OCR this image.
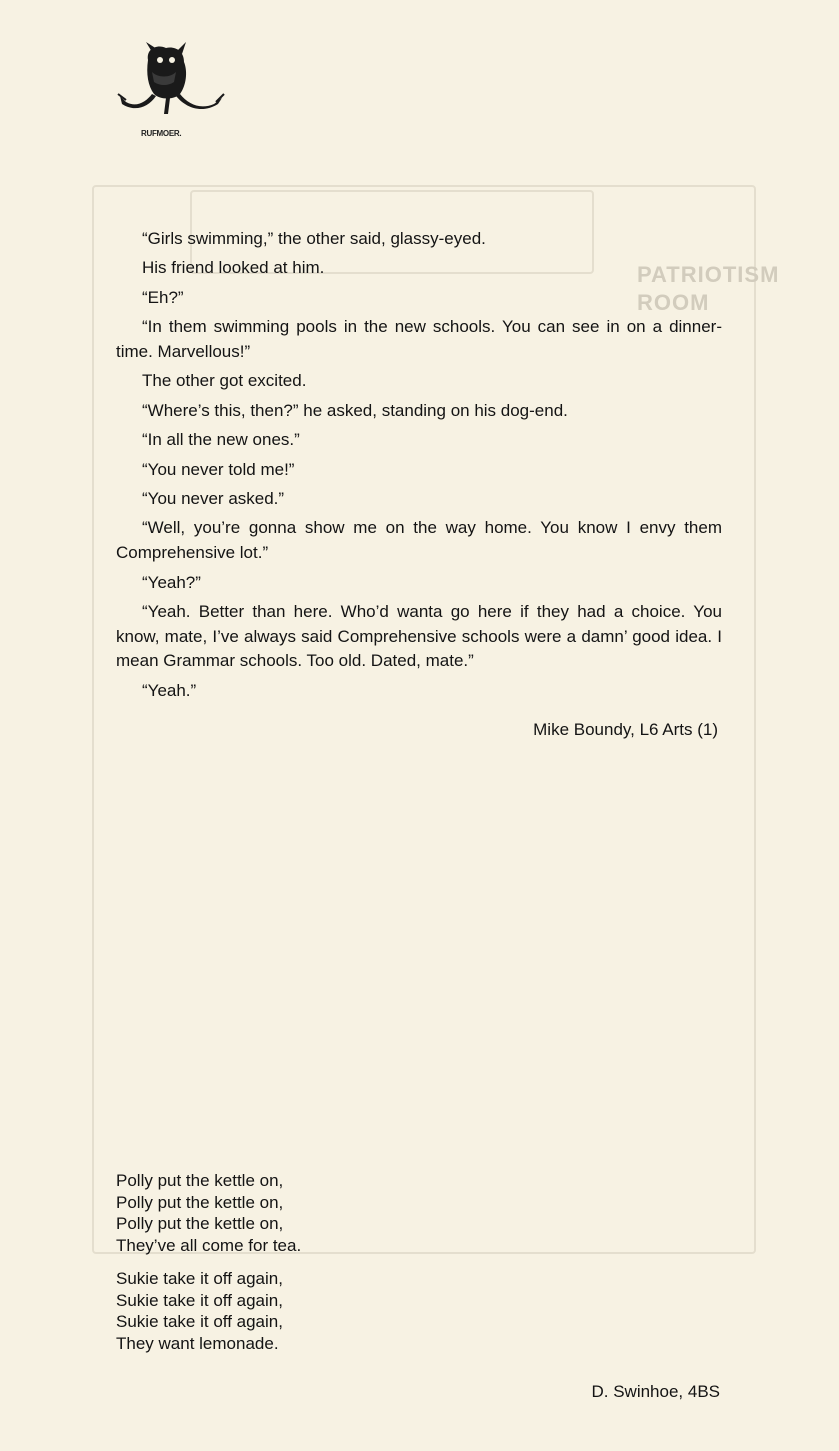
PATRIOTISM
ROOM
RUFMOER.

“Girls swimming,” the other said, glassy-eyed.

His friend looked at him.

“Eh?”

“In them swimming pools in the new schools. You can see in on a dinner-time. Marvellous!”

The other got excited.

“Where’s this, then?” he asked, standing on his dog-end.

“In all the new ones.”

“You never told me!”

“You never asked.”

“Well, you’re gonna show me on the way home. You know I envy them Comprehensive lot.”

“Yeah?”

“Yeah. Better than here. Who’d wanta go here if they had a choice. You know, mate, I’ve always said Comprehensive schools were a damn’ good idea. I mean Grammar schools. Too old. Dated, mate.”

“Yeah.”

Mike Boundy, L6 Arts (1)
Polly put the kettle on,
Polly put the kettle on,
Polly put the kettle on,
They’ve all come for tea.
Sukie take it off again,
Sukie take it off again,
Sukie take it off again,
They want lemonade.
D. Swinhoe, 4BS
